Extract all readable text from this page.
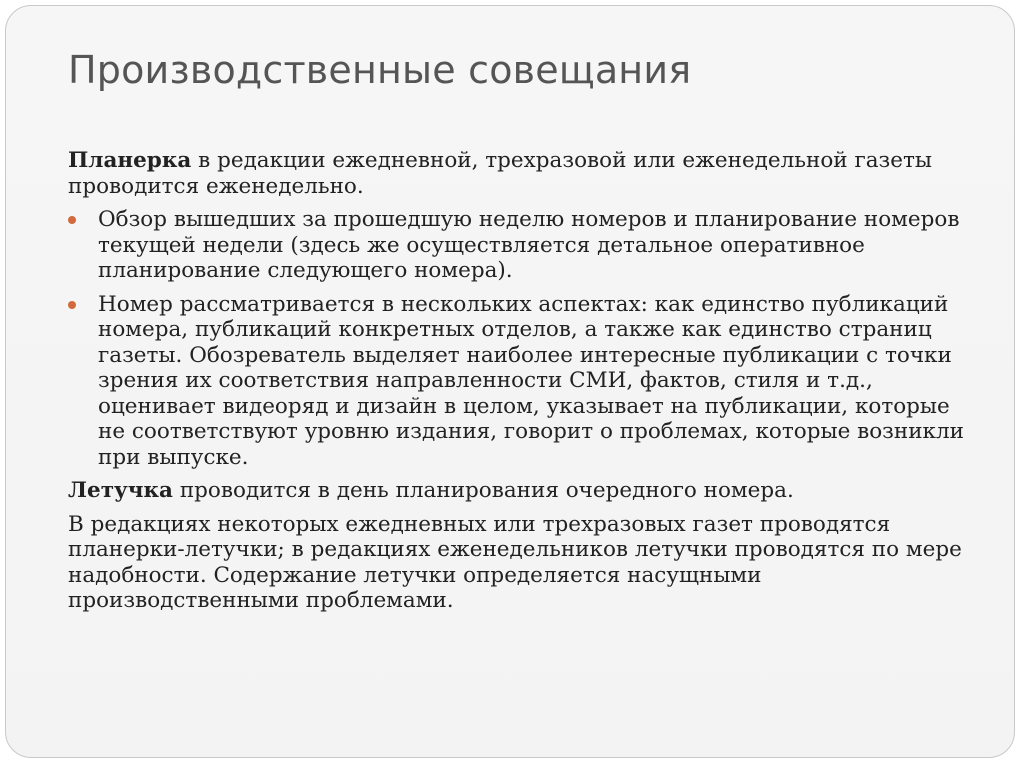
Производственные совещания

Планерка в редакции ежедневной, трехразовой или еженедельной газеты проводится еженедельно.

Обзор вышедших за прошедшую неделю номеров и планирование номеров текущей недели (здесь же осуществляется детальное оперативное планирование следующего номера).
Номер рассматривается в нескольких аспектах: как единство публикаций номера, публикаций конкретных отделов, а также как единство страниц газеты. Обозреватель выделяет наиболее интересные публикации с точки зрения их соответствия направленности СМИ, фактов, стиля и т.д., оценивает видеоряд и дизайн в целом, указывает на публикации, которые не соответствуют уровню издания, говорит о проблемах, которые возникли при выпуске.

Летучка проводится в день планирования очередного номера.

В редакциях некоторых ежедневных или трехразовых газет проводятся планерки-летучки; в редакциях еженедельников летучки проводятся по мере надобности. Содержание летучки определяется насущными производственными проблемами.
